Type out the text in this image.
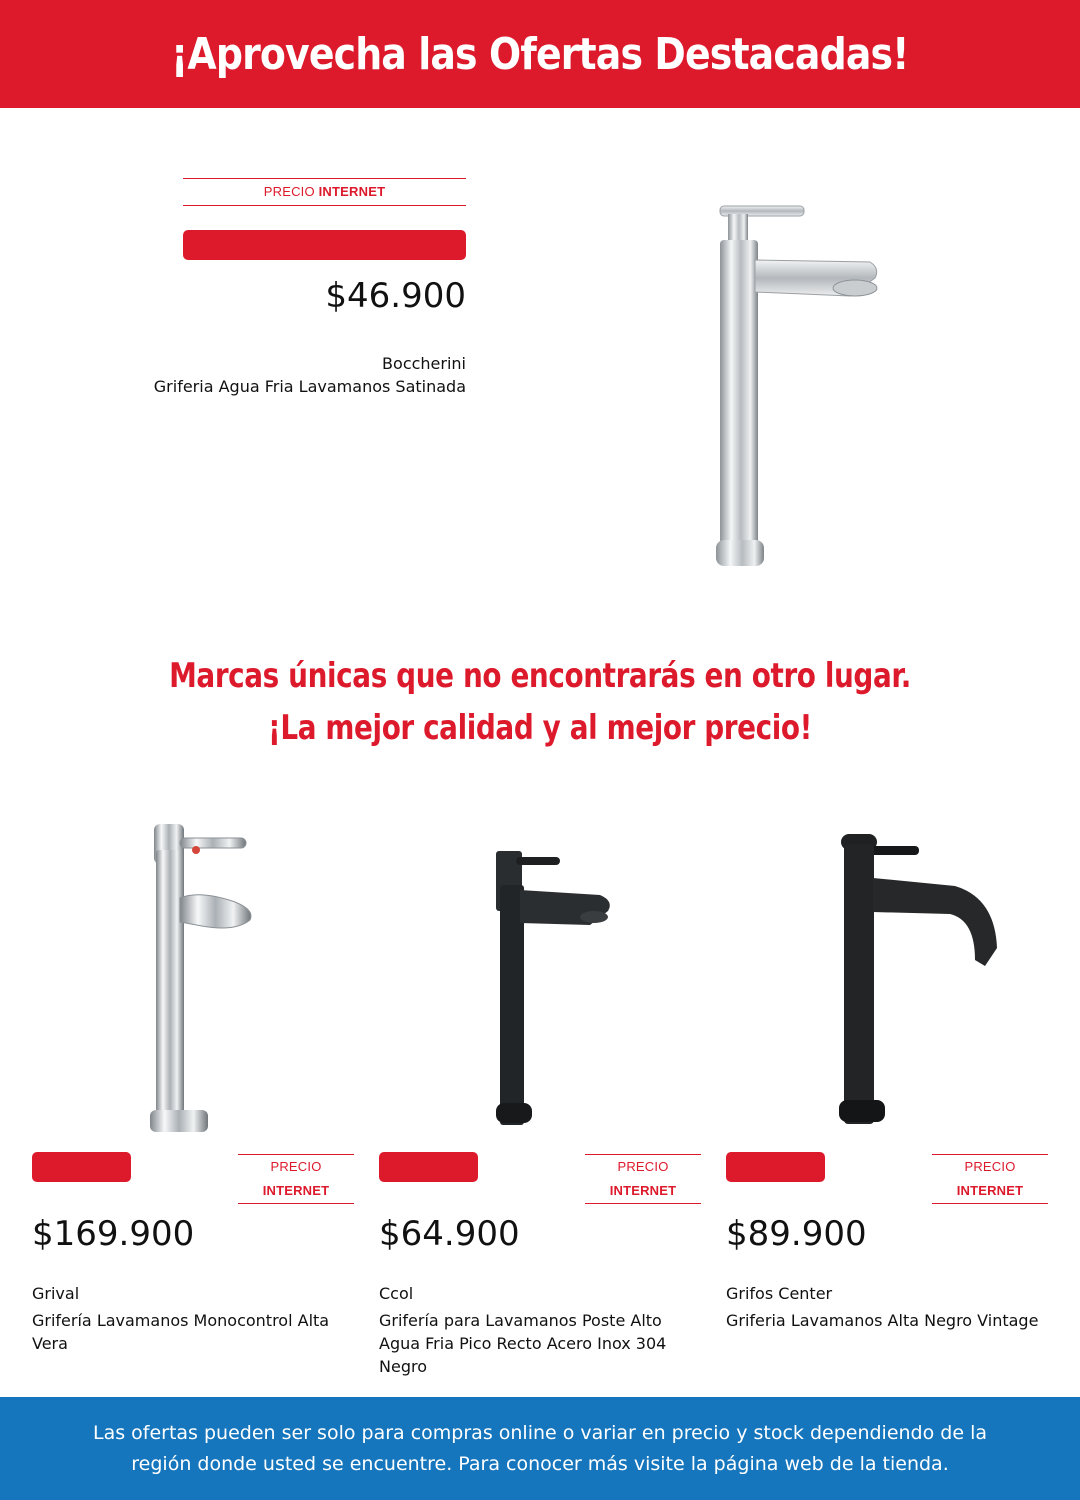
¡Aprovecha las Ofertas Destacadas!
PRECIO INTERNET
$46.900
Boccherini
Griferia Agua Fria Lavamanos Satinada
Marcas únicas que no encontrarás en otro lugar.
¡La mejor calidad y al mejor precio!
PRECIO INTERNET
$169.900
Grival
Grifería Lavamanos Monocontrol Alta Vera
PRECIO INTERNET
$64.900
Ccol
Grifería para Lavamanos Poste Alto Agua Fria Pico Recto Acero Inox 304 Negro
PRECIO INTERNET
$89.900
Grifos Center
Griferia Lavamanos Alta Negro Vintage
Las ofertas pueden ser solo para compras online o variar en precio y stock dependiendo de la región donde usted se encuentre. Para conocer más visite la página web de la tienda.
